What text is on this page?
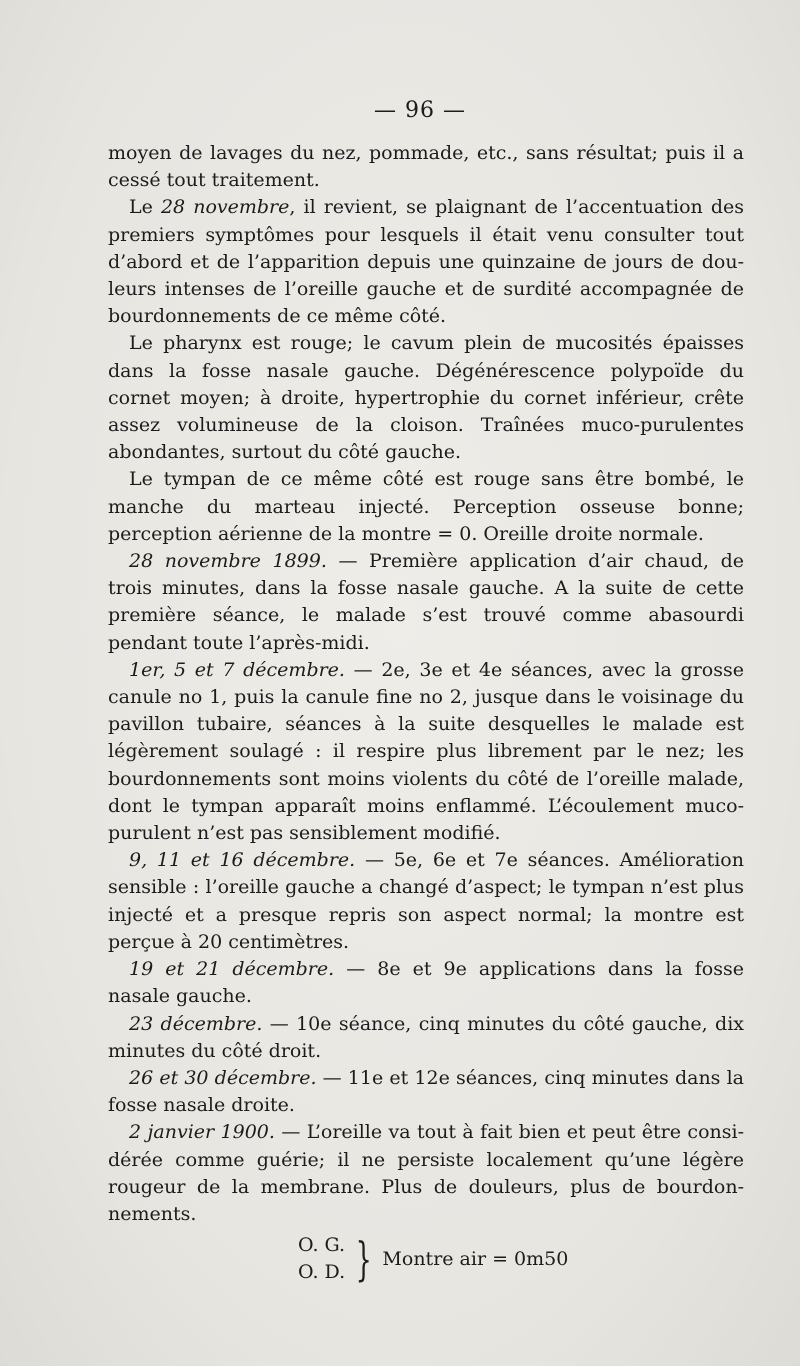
— 96 —

moyen de lavages du nez, pommade, etc., sans résultat; puis il a cessé tout traitement.

Le 28 novembre, il revient, se plaignant de l’accentuation des premiers symptômes pour lesquels il était venu consulter tout d’abord et de l’apparition depuis une quinzaine de jours de douleurs intenses de l’oreille gauche et de surdité accompagnée de bourdonnements de ce même côté.

Le pharynx est rouge; le cavum plein de mucosités épaisses dans la fosse nasale gauche. Dégénérescence polypoïde du cornet moyen; à droite, hypertrophie du cornet inférieur, crête assez volumineuse de la cloison. Traînées muco-purulentes abondantes, surtout du côté gauche.

Le tympan de ce même côté est rouge sans être bombé, le manche du marteau injecté. Perception osseuse bonne; perception aérienne de la montre = 0. Oreille droite normale.

28 novembre 1899. — Première application d’air chaud, de trois minutes, dans la fosse nasale gauche. A la suite de cette première séance, le malade s’est trouvé comme abasourdi pendant toute l’après-midi.

1er, 5 et 7 décembre. — 2e, 3e et 4e séances, avec la grosse canule no 1, puis la canule fine no 2, jusque dans le voisinage du pavillon tubaire, séances à la suite desquelles le malade est légèrement soulagé : il respire plus librement par le nez; les bourdonnements sont moins violents du côté de l’oreille malade, dont le tympan apparaît moins enflammé. L’écoulement muco-purulent n’est pas sensiblement modifié.

9, 11 et 16 décembre. — 5e, 6e et 7e séances. Amélioration sensible : l’oreille gauche a changé d’aspect; le tympan n’est plus injecté et a presque repris son aspect normal; la montre est perçue à 20 centimètres.

19 et 21 décembre. — 8e et 9e applications dans la fosse nasale gauche.

23 décembre. — 10e séance, cinq minutes du côté gauche, dix minutes du côté droit.

26 et 30 décembre. — 11e et 12e séances, cinq minutes dans la fosse nasale droite.

2 janvier 1900. — L’oreille va tout à fait bien et peut être considérée comme guérie; il ne persiste localement qu’une légère rougeur de la membrane. Plus de douleurs, plus de bourdonnements.

O. G.
O. D. } Montre air = 0m50
